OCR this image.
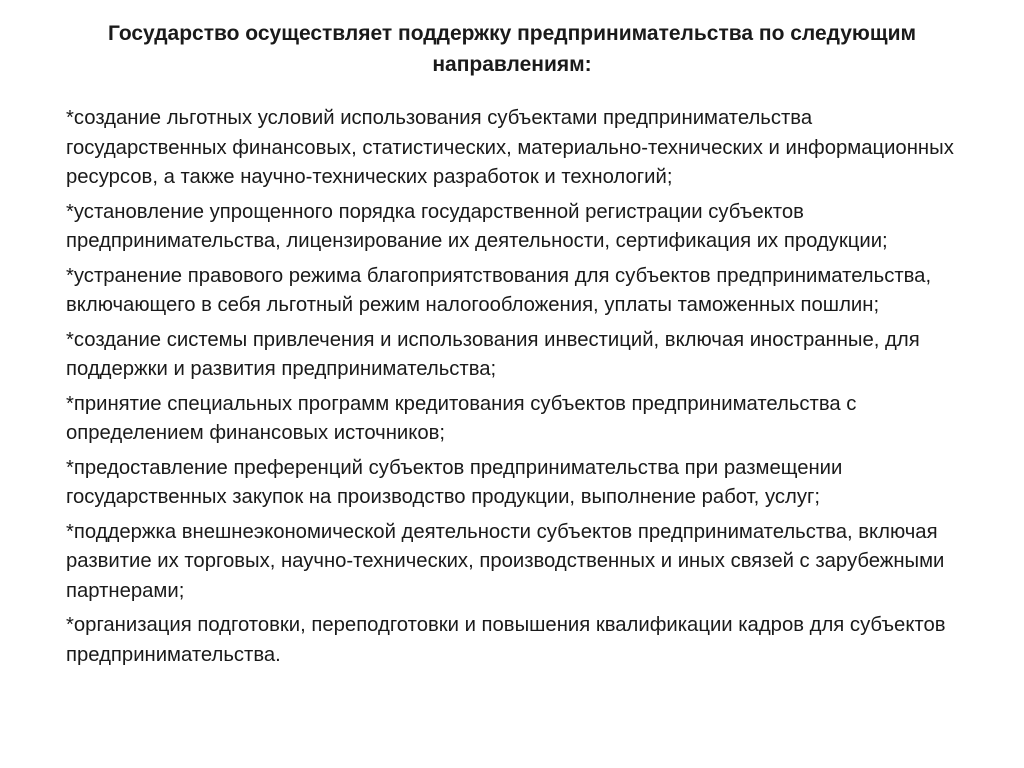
Государство осуществляет поддержку предпринимательства по следующим направлениям:
*создание льготных условий использования субъектами предпринимательства государственных финансовых, статистических, материально-технических и информационных ресурсов, а также научно-технических разработок и технологий;
*установление упрощенного порядка государственной регистрации субъектов предпринимательства, лицензирование их деятельности, сертификация их продукции;
*устранение правового режима благоприятствования для субъектов предпринимательства, включающего в себя льготный режим налогообложения, уплаты таможенных пошлин;
*создание системы привлечения и использования инвестиций, включая иностранные, для поддержки и развития предпринимательства;
*принятие специальных программ кредитования субъектов предпринимательства с определением финансовых источников;
*предоставление преференций субъектов предпринимательства при размещении государственных закупок на производство продукции, выполнение работ, услуг;
*поддержка внешнеэкономической деятельности субъектов предпринимательства, включая развитие их торговых, научно-технических, производственных и иных связей с зарубежными партнерами;
*организация подготовки, переподготовки и повышения квалификации кадров для субъектов предпринимательства.
